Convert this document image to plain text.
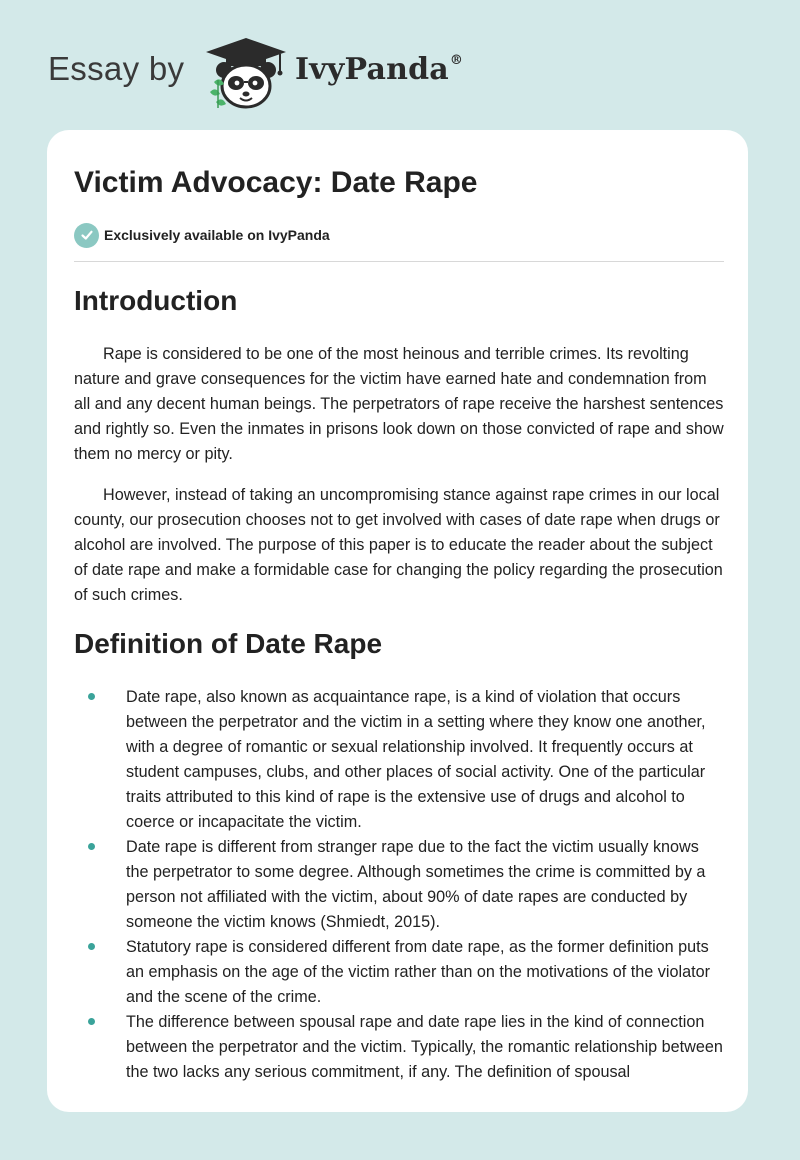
Essay by	IvyPanda®
Victim Advocacy: Date Rape
Exclusively available on IvyPanda
Introduction

Rape is considered to be one of the most heinous and terrible crimes. Its revolting nature and grave consequences for the victim have earned hate and condemnation from all and any decent human beings. The perpetrators of rape receive the harshest sentences and rightly so. Even the inmates in prisons look down on those convicted of rape and show them no mercy or pity.

However, instead of taking an uncompromising stance against rape crimes in our local county, our prosecution chooses not to get involved with cases of date rape when drugs or alcohol are involved. The purpose of this paper is to educate the reader about the subject of date rape and make a formidable case for changing the policy regarding the prosecution of such crimes.

Definition of Date Rape
Date rape, also known as acquaintance rape, is a kind of violation that occurs between the perpetrator and the victim in a setting where they know one another, with a degree of romantic or sexual relationship involved. It frequently occurs at student campuses, clubs, and other places of social activity. One of the particular traits attributed to this kind of rape is the extensive use of drugs and alcohol to coerce or incapacitate the victim.
Date rape is different from stranger rape due to the fact the victim usually knows the perpetrator to some degree. Although sometimes the crime is committed by a person not affiliated with the victim, about 90% of date rapes are conducted by someone the victim knows (Shmiedt, 2015).
Statutory rape is considered different from date rape, as the former definition puts an emphasis on the age of the victim rather than on the motivations of the violator and the scene of the crime.
The difference between spousal rape and date rape lies in the kind of connection between the perpetrator and the victim. Typically, the romantic relationship between the two lacks any serious commitment, if any. The definition of spousal
